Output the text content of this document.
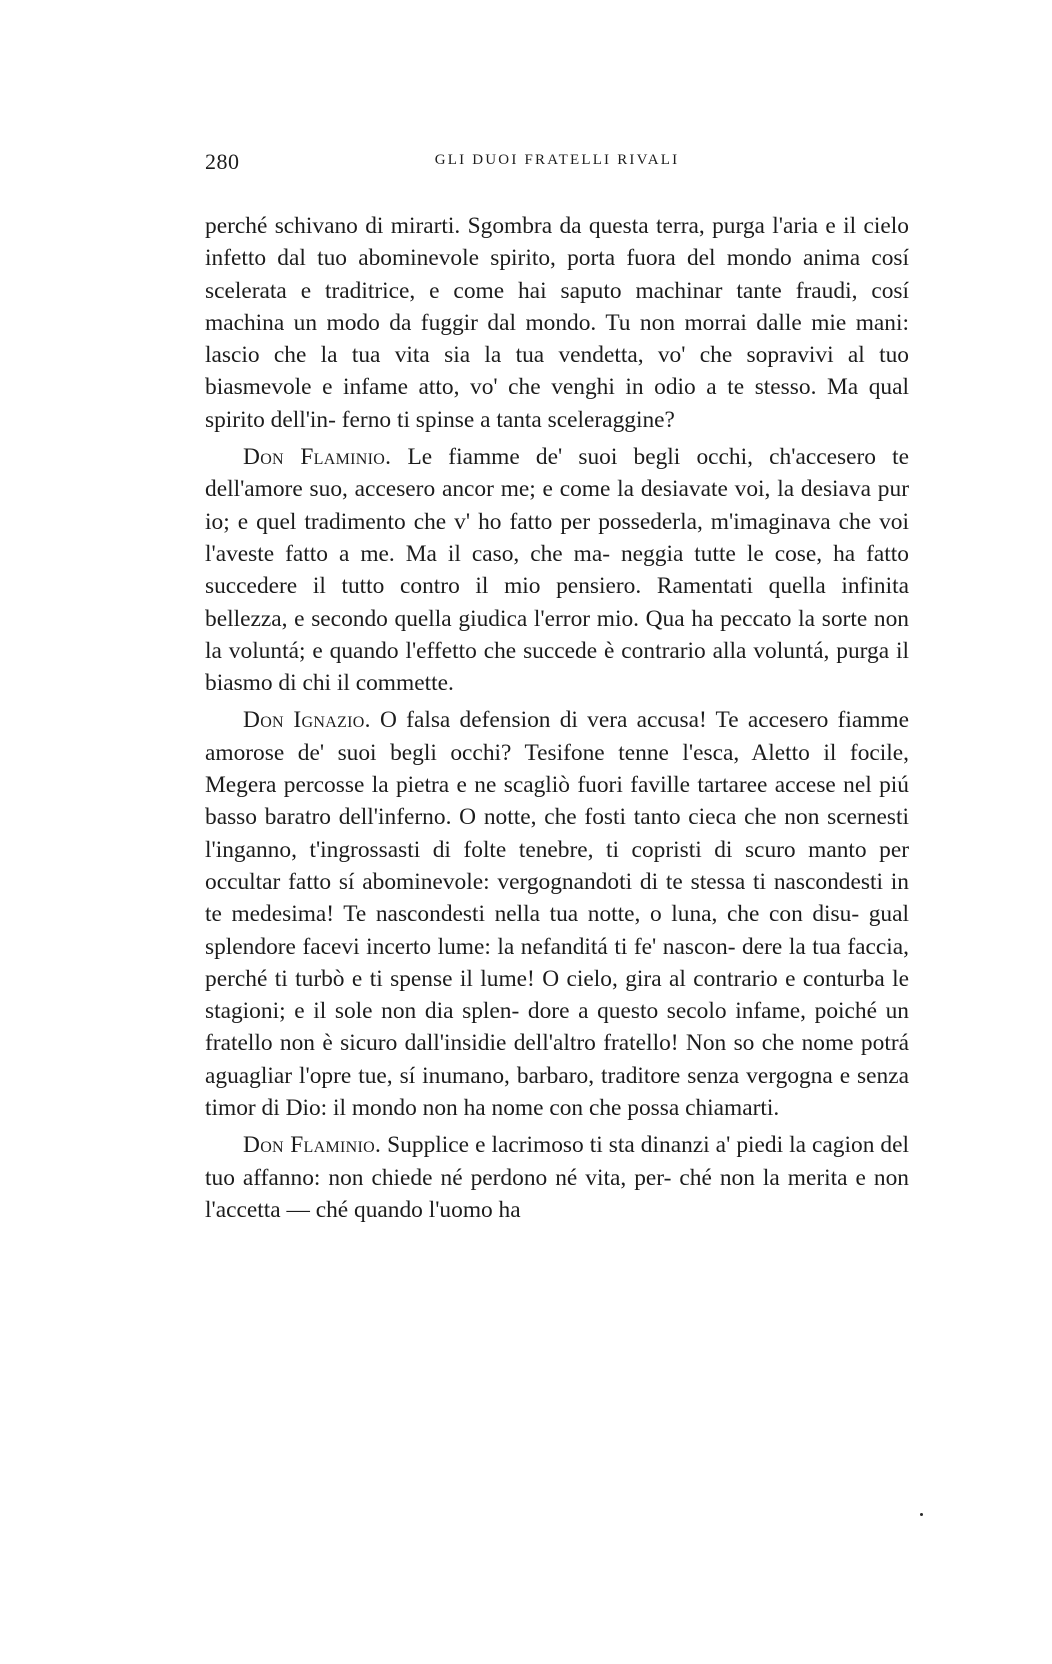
280	GLI DUOI FRATELLI RIVALI

perché schivano di mirarti. Sgombra da questa terra, purga l'aria e il cielo infetto dal tuo abominevole spirito, porta fuora del mondo anima cosí scelerata e traditrice, e come hai saputo machinar tante fraudi, cosí machina un modo da fuggir dal mondo. Tu non morrai dalle mie mani: lascio che la tua vita sia la tua vendetta, vo' che sopravivi al tuo biasmevole e infame atto, vo' che venghi in odio a te stesso. Ma qual spirito dell'in- ferno ti spinse a tanta sceleraggine?

Don Flaminio. Le fiamme de' suoi begli occhi, ch'accesero te dell'amore suo, accesero ancor me; e come la desiavate voi, la desiava pur io; e quel tradimento che v' ho fatto per possederla, m'imaginava che voi l'aveste fatto a me. Ma il caso, che ma- neggia tutte le cose, ha fatto succedere il tutto contro il mio pensiero. Ramentati quella infinita bellezza, e secondo quella giudica l'error mio. Qua ha peccato la sorte non la voluntá; e quando l'effetto che succede è contrario alla voluntá, purga il biasmo di chi il commette.

Don Ignazio. O falsa defension di vera accusa! Te accesero fiamme amorose de' suoi begli occhi? Tesifone tenne l'esca, Aletto il focile, Megera percosse la pietra e ne scagliò fuori faville tartaree accese nel piú basso baratro dell'inferno. O notte, che fosti tanto cieca che non scernesti l'inganno, t'ingrossasti di folte tenebre, ti copristi di scuro manto per occultar fatto sí abominevole: vergognandoti di te stessa ti nascondesti in te medesima! Te nascondesti nella tua notte, o luna, che con disu- gual splendore facevi incerto lume: la nefanditá ti fe' nascon- dere la tua faccia, perché ti turbò e ti spense il lume! O cielo, gira al contrario e conturba le stagioni; e il sole non dia splen- dore a questo secolo infame, poiché un fratello non è sicuro dall'insidie dell'altro fratello! Non so che nome potrá aguagliar l'opre tue, sí inumano, barbaro, traditore senza vergogna e senza timor di Dio: il mondo non ha nome con che possa chiamarti.

Don Flaminio. Supplice e lacrimoso ti sta dinanzi a' piedi la cagion del tuo affanno: non chiede né perdono né vita, per- ché non la merita e non l'accetta — ché quando l'uomo ha
